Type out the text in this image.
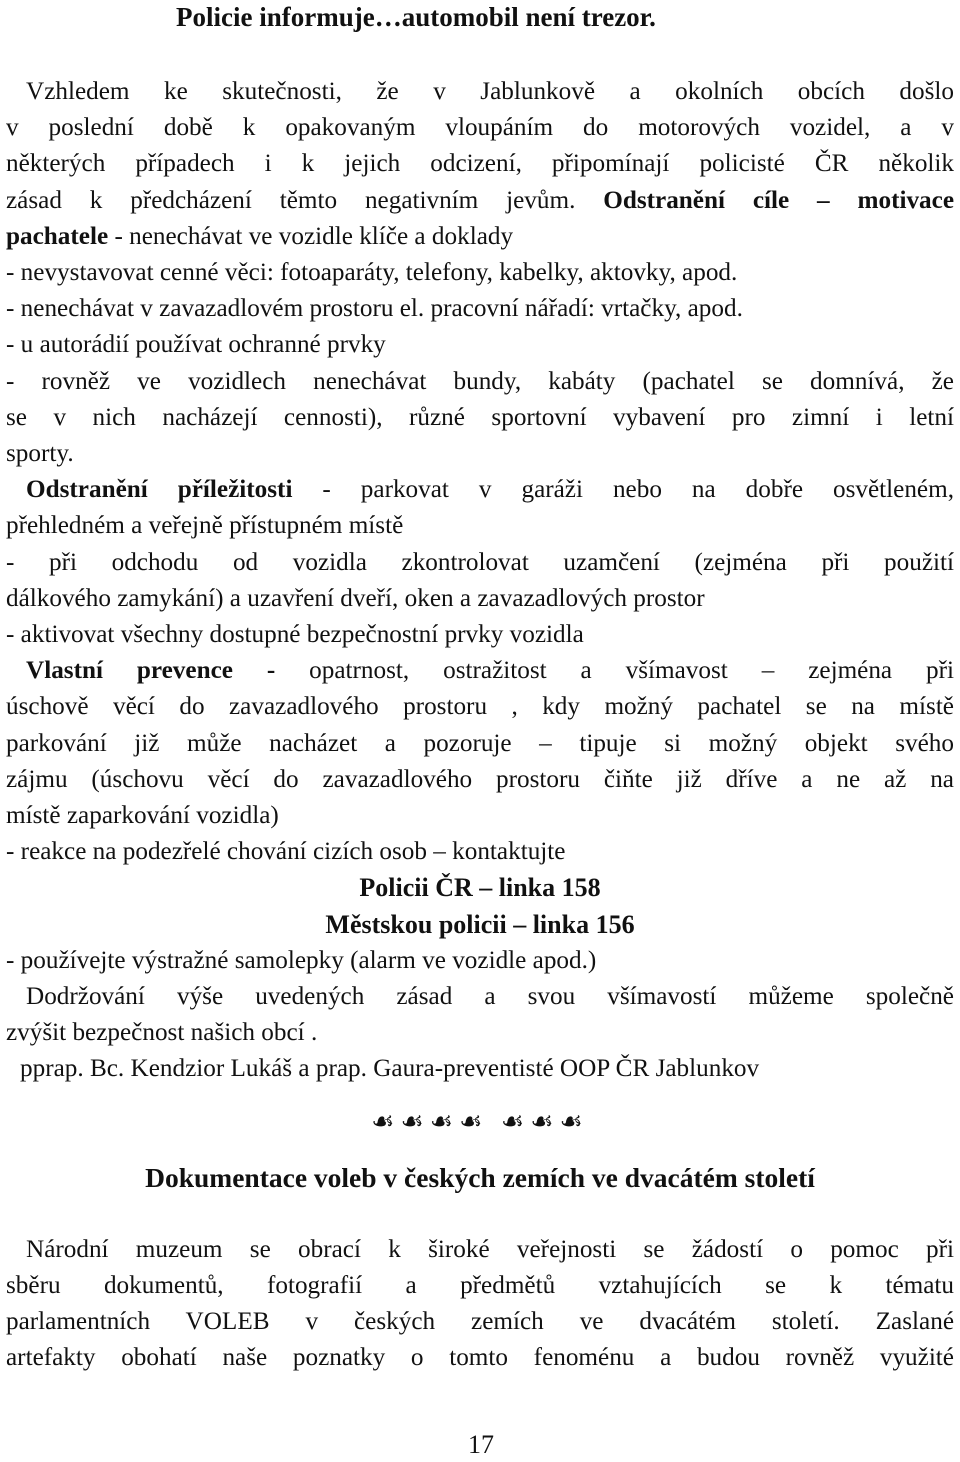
Policie informuje…automobil není trezor.

Vzhledem ke skutečnosti, že v Jablunkově a okolních obcích došlo

v poslední době k opakovaným vloupáním do motorových vozidel, a v

některých případech i k jejich odcizení, připomínají policisté ČR několik

zásad k předcházení těmto negativním jevům. Odstranění cíle – motivace

pachatele - nenechávat ve vozidle klíče a doklady

- nevystavovat cenné věci: fotoaparáty, telefony, kabelky, aktovky, apod.

- nenechávat v zavazadlovém prostoru el. pracovní nářadí: vrtačky, apod.

- u autorádií používat ochranné prvky

- rovněž ve vozidlech nenechávat bundy, kabáty (pachatel se domnívá, že

se v nich nacházejí cennosti), různé sportovní vybavení pro zimní i letní

sporty.

Odstranění příležitosti - parkovat v garáži nebo na dobře osvětleném,

přehledném a veřejně přístupném místě

- při odchodu od vozidla zkontrolovat uzamčení (zejména při použití

dálkového zamykání) a uzavření dveří, oken a zavazadlových prostor

- aktivovat všechny dostupné bezpečnostní prvky vozidla

Vlastní prevence - opatrnost, ostražitost a všímavost – zejména při

úschově věcí do zavazadlového prostoru , kdy možný pachatel se na místě

parkování již může nacházet a pozoruje – tipuje si možný objekt svého

zájmu (úschovu věcí do zavazadlového prostoru čiňte již dříve a ne až na

místě zaparkování vozidla)

- reakce na podezřelé chování cizích osob – kontaktujte

Policii ČR – linka 158

Městskou policii – linka 156

- používejte výstražné samolepky (alarm ve vozidle apod.)

Dodržování výše uvedených zásad a svou všímavostí můžeme společně

zvýšit bezpečnost našich obcí .

pprap. Bc. Kendzior Lukáš a prap. Gaura-preventisté OOP ČR Jablunkov

☙☙☙☙ ☙☙☙
Dokumentace voleb v českých zemích ve dvacátém století

Národní muzeum se obrací k široké veřejnosti se žádostí o pomoc při

sběru dokumentů, fotografií a předmětů vztahujících se k tématu

parlamentních VOLEB v českých zemích ve dvacátém století. Zaslané

artefakty obohatí naše poznatky o tomto fenoménu a budou rovněž využité

17
